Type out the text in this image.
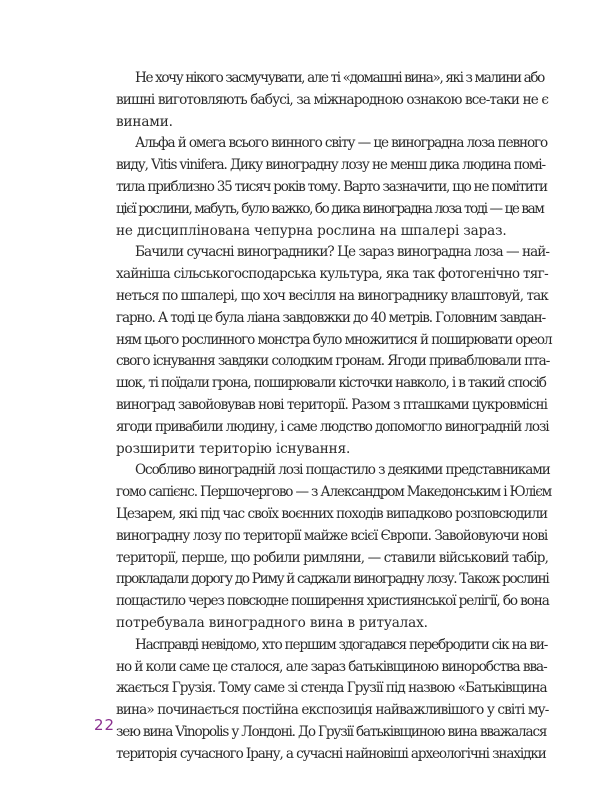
Не хочу нікого засмучувати, але ті «домашні вина», які з малини або
вишні виготовляють бабусі, за міжнародною ознакою все-таки не є
винами.

Альфа й омега всього винного світу — це виноградна лоза певного
виду, Vitis vinifera. Дику виноградну лозу не менш дика людина помі-
тила приблизно 35 тисяч років тому. Варто зазначити, що не помітити
цієї рослини, мабуть, було важко, бо дика виноградна лоза тоді — це вам
не дисциплінована чепурна рослина на шпалері зараз.

Бачили сучасні виноградники? Це зараз виноградна лоза — най-
хайніша сільськогосподарська культура, яка так фотогенічно тяг-
неться по шпалері, що хоч весілля на винограднику влаштовуй, так
гарно. А тоді це була ліана завдовжки до 40 метрів. Головним завдан-
ням цього рослинного монстра було множитися й поширювати ореол
свого існування завдяки солодким гронам. Ягоди приваблювали пта-
шок, ті поїдали грона, поширювали кісточки навколо, і в такий спосіб
виноград завойовував нові території. Разом з пташками цукровмісні
ягоди привабили людину, і саме людство допомогло виноградній лозі
розширити територію існування.

Особливо виноградній лозі пощастило з деякими представниками
гомо сапієнс. Першочергово — з Александром Македонським і Юлієм
Цезарем, які під час своїх воєнних походів випадково розповсюдили
виноградну лозу по території майже всієї Європи. Завойовуючи нові
території, перше, що робили римляни, — ставили військовий табір,
прокладали дорогу до Риму й саджали виноградну лозу. Також рослині
пощастило через повсюдне поширення християнської релігії, бо вона
потребувала виноградного вина в ритуалах.

Насправді невідомо, хто першим здогадався перебродити сік на ви-
но й коли саме це сталося, але зараз батьківщиною виноробства вва-
жається Грузія. Тому саме зі стенда Грузії під назвою «Батьківщина
вина» починається постійна експозиція найважливішого у світі му-
зею вина Vinopolis у Лондоні. До Грузії батьківщиною вина вважалася
територія сучасного Ірану, а сучасні найновіші археологічні знахідки

22
